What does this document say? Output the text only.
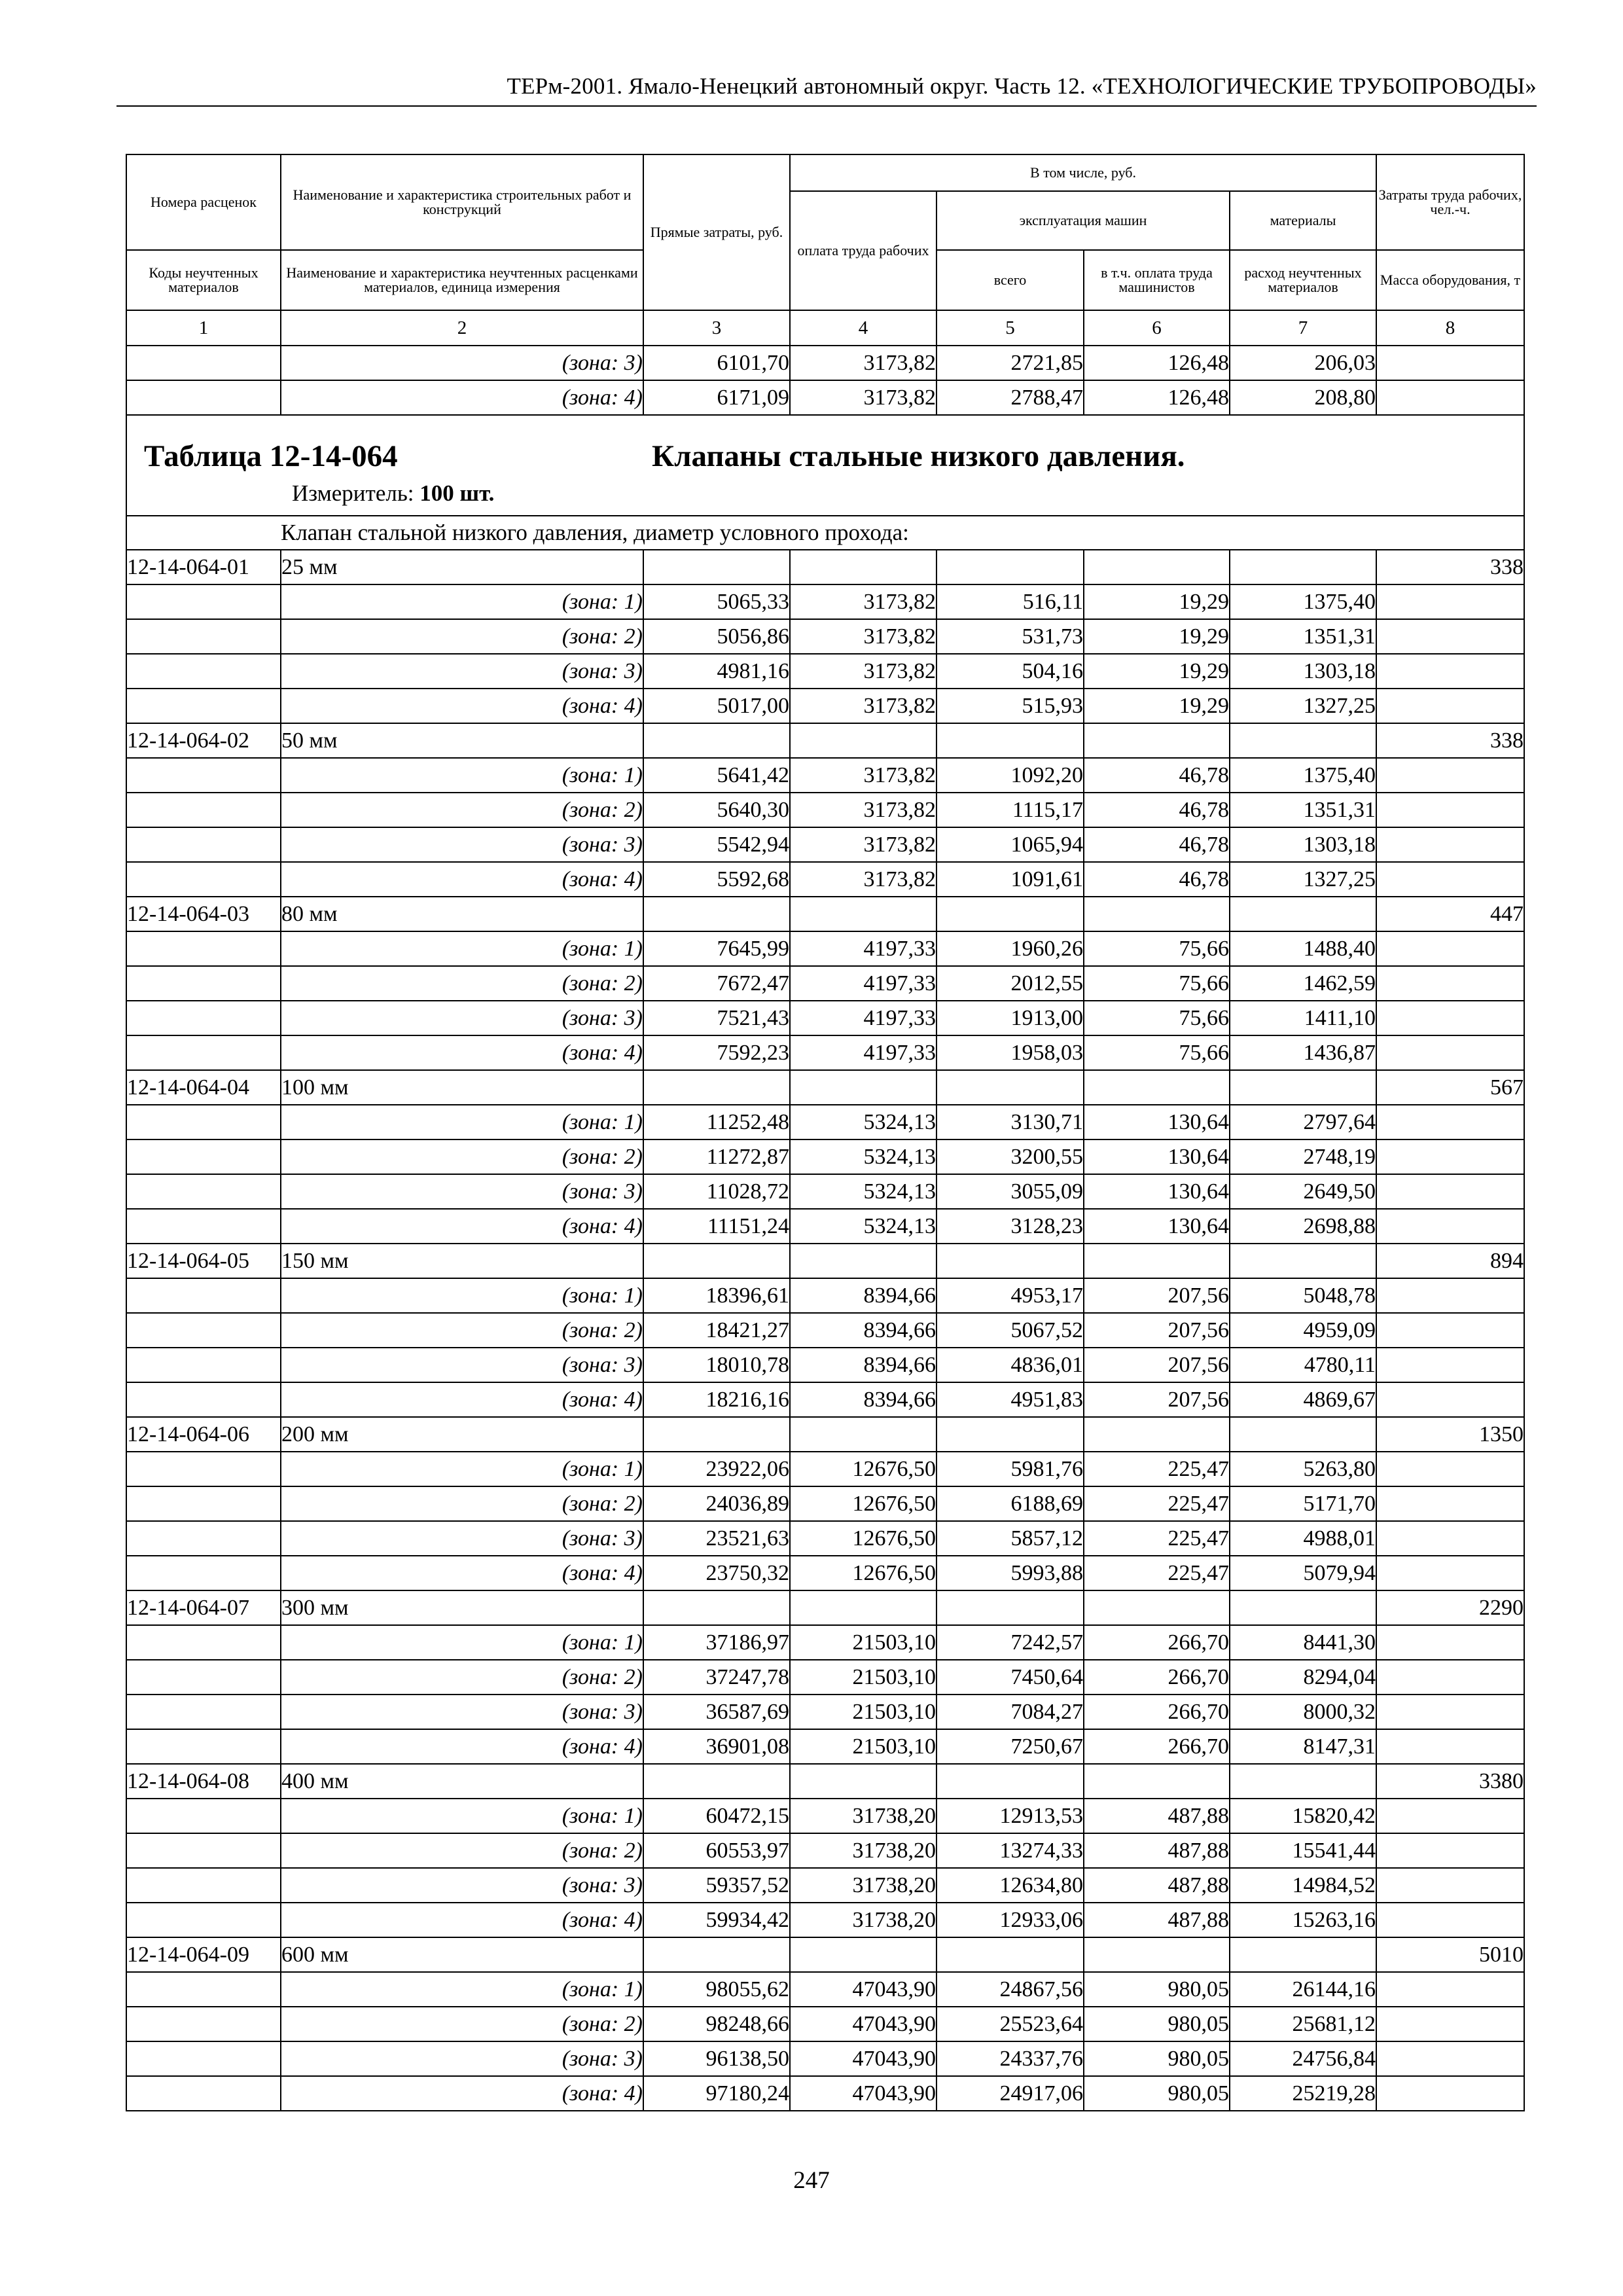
ТЕРм-2001. Ямало-Ненецкий автономный округ. Часть 12. «ТЕХНОЛОГИЧЕСКИЕ ТРУБОПРОВОДЫ»
Номера расценок	Наименование и характеристика строительных работ и конструкций	Прямые затраты, руб.	В том числе, руб.				Затраты труда рабочих, чел.-ч.
			оплата труда рабочих	эксплуатация машин		материалы	
Коды неучтенных материалов	Наименование и характеристика неучтенных расценками материалов, единица измерения			всего	в т.ч. оплата труда машинистов	расход неучтенных материалов	Масса оборудования, т
1	2	3	4	5	6	7	8
	(зона: 3)	6101,70	3173,82	2721,85	126,48	206,03	
	(зона: 4)	6171,09	3173,82	2788,47	126,48	208,80	

Таблица 12-14-064 Клапаны стальные низкого давления.
Измеритель: 100 шт.							

	Клапан стальной низкого давления, диаметр условного прохода:						
12-14-064-01	25 мм						338
	(зона: 1)	5065,33	3173,82	516,11	19,29	1375,40	
	(зона: 2)	5056,86	3173,82	531,73	19,29	1351,31	
	(зона: 3)	4981,16	3173,82	504,16	19,29	1303,18	
	(зона: 4)	5017,00	3173,82	515,93	19,29	1327,25	
12-14-064-02	50 мм						338
	(зона: 1)	5641,42	3173,82	1092,20	46,78	1375,40	
	(зона: 2)	5640,30	3173,82	1115,17	46,78	1351,31	
	(зона: 3)	5542,94	3173,82	1065,94	46,78	1303,18	
	(зона: 4)	5592,68	3173,82	1091,61	46,78	1327,25	
12-14-064-03	80 мм						447
	(зона: 1)	7645,99	4197,33	1960,26	75,66	1488,40	
	(зона: 2)	7672,47	4197,33	2012,55	75,66	1462,59	
	(зона: 3)	7521,43	4197,33	1913,00	75,66	1411,10	
	(зона: 4)	7592,23	4197,33	1958,03	75,66	1436,87	
12-14-064-04	100 мм						567
	(зона: 1)	11252,48	5324,13	3130,71	130,64	2797,64	
	(зона: 2)	11272,87	5324,13	3200,55	130,64	2748,19	
	(зона: 3)	11028,72	5324,13	3055,09	130,64	2649,50	
	(зона: 4)	11151,24	5324,13	3128,23	130,64	2698,88	
12-14-064-05	150 мм						894
	(зона: 1)	18396,61	8394,66	4953,17	207,56	5048,78	
	(зона: 2)	18421,27	8394,66	5067,52	207,56	4959,09	
	(зона: 3)	18010,78	8394,66	4836,01	207,56	4780,11	
	(зона: 4)	18216,16	8394,66	4951,83	207,56	4869,67	
12-14-064-06	200 мм						1350
	(зона: 1)	23922,06	12676,50	5981,76	225,47	5263,80	
	(зона: 2)	24036,89	12676,50	6188,69	225,47	5171,70	
	(зона: 3)	23521,63	12676,50	5857,12	225,47	4988,01	
	(зона: 4)	23750,32	12676,50	5993,88	225,47	5079,94	
12-14-064-07	300 мм						2290
	(зона: 1)	37186,97	21503,10	7242,57	266,70	8441,30	
	(зона: 2)	37247,78	21503,10	7450,64	266,70	8294,04	
	(зона: 3)	36587,69	21503,10	7084,27	266,70	8000,32	
	(зона: 4)	36901,08	21503,10	7250,67	266,70	8147,31	
12-14-064-08	400 мм						3380
	(зона: 1)	60472,15	31738,20	12913,53	487,88	15820,42	
	(зона: 2)	60553,97	31738,20	13274,33	487,88	15541,44	
	(зона: 3)	59357,52	31738,20	12634,80	487,88	14984,52	
	(зона: 4)	59934,42	31738,20	12933,06	487,88	15263,16	
12-14-064-09	600 мм						5010
	(зона: 1)	98055,62	47043,90	24867,56	980,05	26144,16	
	(зона: 2)	98248,66	47043,90	25523,64	980,05	25681,12	
	(зона: 3)	96138,50	47043,90	24337,76	980,05	24756,84	
	(зона: 4)	97180,24	47043,90	24917,06	980,05	25219,28	
247
